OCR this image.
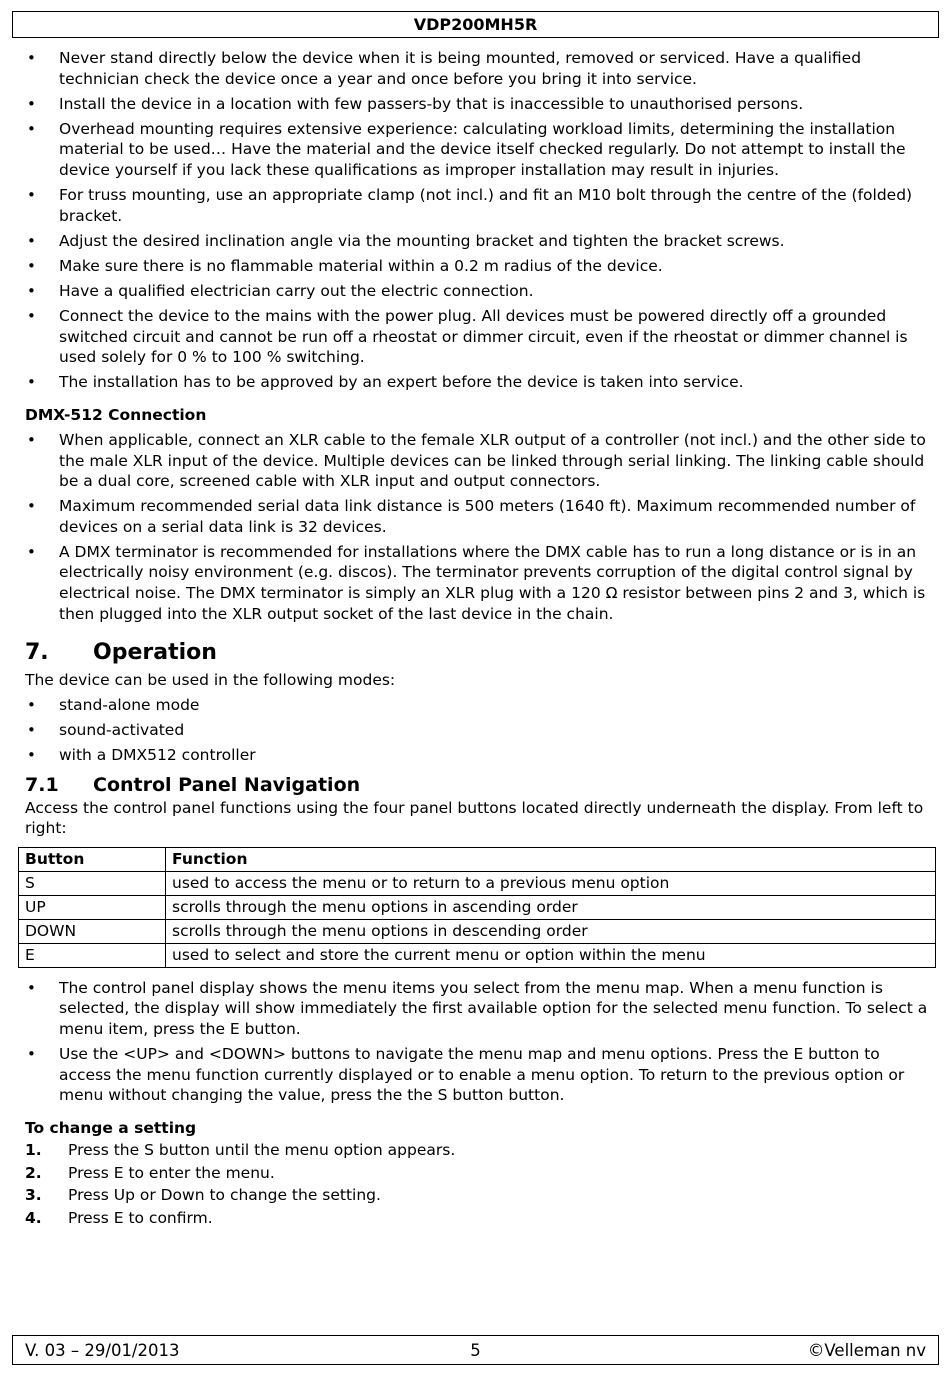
VDP200MH5R
• Never stand directly below the device when it is being mounted, removed or serviced. Have a qualified technician check the device once a year and once before you bring it into service.
• Install the device in a location with few passers-by that is inaccessible to unauthorised persons.
• Overhead mounting requires extensive experience: calculating workload limits, determining the installation material to be used… Have the material and the device itself checked regularly. Do not attempt to install the device yourself if you lack these qualifications as improper installation may result in injuries.
• For truss mounting, use an appropriate clamp (not incl.) and fit an M10 bolt through the centre of the (folded) bracket.
• Adjust the desired inclination angle via the mounting bracket and tighten the bracket screws.
• Make sure there is no flammable material within a 0.2 m radius of the device.
• Have a qualified electrician carry out the electric connection.
• Connect the device to the mains with the power plug. All devices must be powered directly off a grounded switched circuit and cannot be run off a rheostat or dimmer circuit, even if the rheostat or dimmer channel is used solely for 0 % to 100 % switching.
• The installation has to be approved by an expert before the device is taken into service.
DMX-512 Connection
• When applicable, connect an XLR cable to the female XLR output of a controller (not incl.) and the other side to the male XLR input of the device. Multiple devices can be linked through serial linking. The linking cable should be a dual core, screened cable with XLR input and output connectors.
• Maximum recommended serial data link distance is 500 meters (1640 ft). Maximum recommended number of devices on a serial data link is 32 devices.
• A DMX terminator is recommended for installations where the DMX cable has to run a long distance or is in an electrically noisy environment (e.g. discos). The terminator prevents corruption of the digital control signal by electrical noise. The DMX terminator is simply an XLR plug with a 120 Ω resistor between pins 2 and 3, which is then plugged into the XLR output socket of the last device in the chain.
7.	Operation

The device can be used in the following modes:

• stand-alone mode
• sound-activated
• with a DMX512 controller
7.1	Control Panel Navigation

Access the control panel functions using the four panel buttons located directly underneath the display. From left to right:

Button	Function
S	used to access the menu or to return to a previous menu option
UP	scrolls through the menu options in ascending order
DOWN	scrolls through the menu options in descending order
E	used to select and store the current menu or option within the menu
• The control panel display shows the menu items you select from the menu map. When a menu function is selected, the display will show immediately the first available option for the selected menu function. To select a menu item, press the E button.
• Use the <UP> and <DOWN> buttons to navigate the menu map and menu options. Press the E button to access the menu function currently displayed or to enable a menu option. To return to the previous option or menu without changing the value, press the the S button button.
To change a setting
1.	Press the S button until the menu option appears.
2.	Press E to enter the menu.
3.	Press Up or Down to change the setting.
4.	Press E to confirm.
V. 03 – 29/01/2013	5	©Velleman nv
